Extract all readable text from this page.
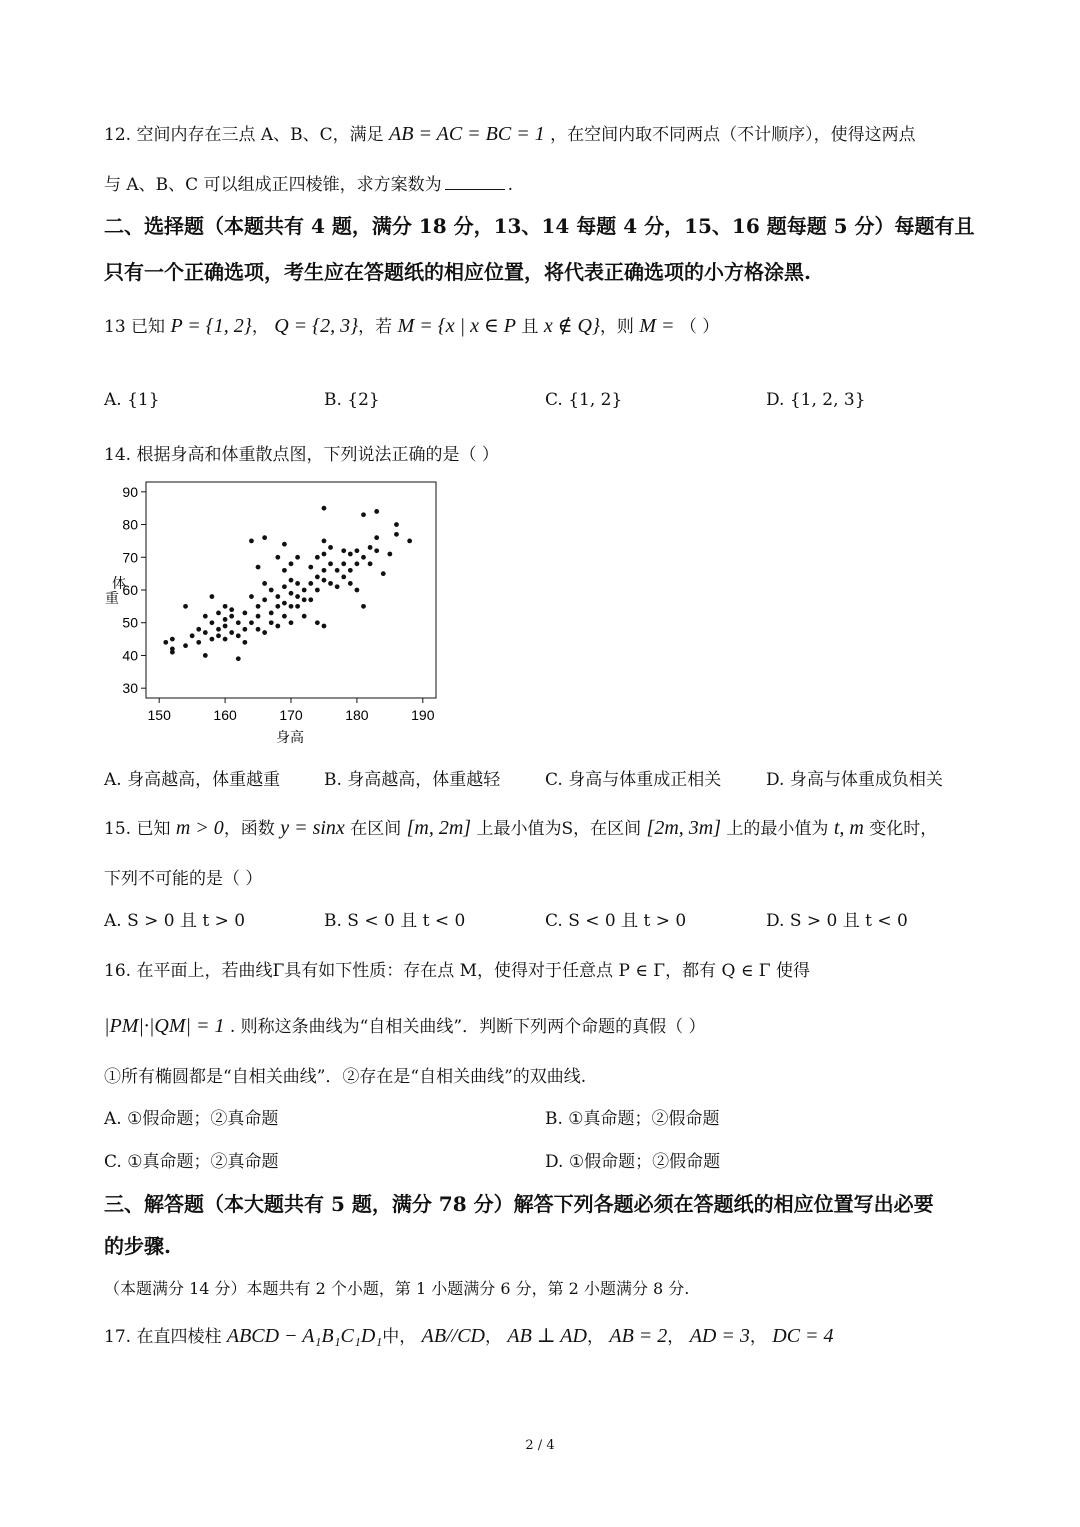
12. 空间内存在三点 A、B、C，满足 AB = AC = BC = 1 ，在空间内取不同两点（不计顺序），使得这两点
与 A、B、C 可以组成正四棱锥，求方案数为	.
二、选择题（本题共有 4 题，满分 18 分，13、14 每题 4 分，15、16 题每题 5 分）每题有且
只有一个正确选项，考生应在答题纸的相应位置，将代表正确选项的小方格涂黑.
13 已知 P = {1, 2}， Q = {2, 3}，若 M = {x | x ∈ P 且 x ∉ Q}，则 M = （ ）
A. {1}	B. {2}	C. {1, 2}	D. {1, 2, 3}
14. 根据身高和体重散点图，下列说法正确的是（ ）
30
40
50
60
70
80
90
150	160	170	180	190
体
重
身高
A. 身高越高，体重越重	B. 身高越高，体重越轻	C. 身高与体重成正相关	D. 身高与体重成负相关
15. 已知 m > 0，函数 y = sinx 在区间 [m, 2m] 上最小值为S，在区间 [2m, 3m] 上的最小值为 t, m 变化时，
下列不可能的是（ ）
A. S > 0 且 t > 0	B. S < 0 且 t < 0	C. S < 0 且 t > 0	D. S > 0 且 t < 0
16. 在平面上，若曲线Γ具有如下性质：存在点 M，使得对于任意点 P ∈ Γ，都有 Q ∈ Γ 使得
|PM|·|QM| = 1 . 则称这条曲线为“自相关曲线”．判断下列两个命题的真假（ ）
①所有椭圆都是“自相关曲线”．②存在是“自相关曲线”的双曲线.
A. ①假命题；②真命题	B. ①真命题；②假命题
C. ①真命题；②真命题	D. ①假命题；②假命题
三、解答题（本大题共有 5 题，满分 78 分）解答下列各题必须在答题纸的相应位置写出必要
的步骤.
（本题满分 14 分）本题共有 2 个小题，第 1 小题满分 6 分，第 2 小题满分 8 分.
17. 在直四棱柱 ABCD − A₁B₁C₁D₁中， AB//CD， AB ⊥ AD， AB = 2， AD = 3， DC = 4
2 / 4
